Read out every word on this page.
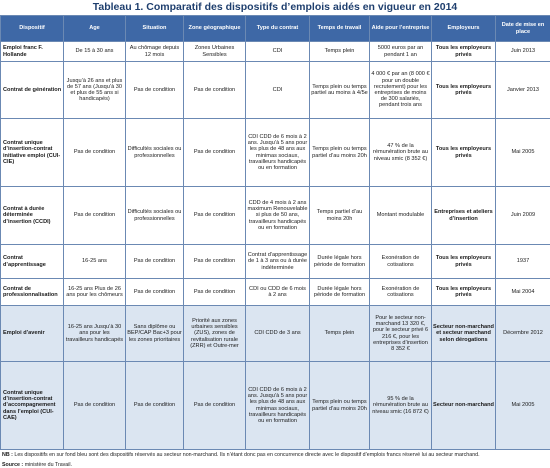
Tableau 1. Comparatif des dispositifs d’emplois aidés en vigueur en 2014
Dispositif	Age	Situation	Zone géographique	Type du contrat	Temps de travail	Aide pour l’entreprise	Employeurs	Date de mise en place
Emploi franc F. Hollande	De 15 à 30 ans	Au chômage depuis 12 mois	Zones Urbaines Sensibles	CDI	Temps plein	5000 euros par an pendant 1 an	Tous les employeurs privés	Juin 2013
Contrat de génération	Jusqu’à 26 ans et plus de 57 ans (Jusqu’à 30 et plus de 55 ans si handicapés)	Pas de condition	Pas de condition	CDI	Temps plein ou temps partiel au moins à 4/5e	4 000 € par an (8 000 € pour un double recrutement) pour les entreprises de moins de 300 salariés, pendant trois ans	Tous les employeurs privés	Janvier 2013
Contrat unique d’insertion-contrat initiative emploi (CUI-CIE)	Pas de condition	Difficultés sociales ou professionnelles	Pas de condition	CDI CDD de 6 mois à 2 ans. Jusqu’à 5 ans pour les plus de 48 ans aux minimas sociaux, travailleurs handicapés ou en formation	Temps plein ou temps partiel d’au moins 20h	47 % de la rémunération brute au niveau smic (8 352 €)	Tous les employeurs privés	Mai 2005
Contrat à durée déterminée d’insertion (CCDI)	Pas de condition	Difficultés sociales ou professionnelles	Pas de condition	CDD de 4 mois à 2 ans maximum Renouvelable si plus de 50 ans, travailleurs handicapés ou en formation	Temps partiel d’au moins 20h	Montant modulable	Entreprises et ateliers d’insertion	Juin 2009
Contrat d’apprentissage	16-25 ans	Pas de condition	Pas de condition	Contrat d’apprentissage de 1 à 3 ans ou à durée indéterminée	Durée légale hors période de formation	Exonération de cotisations	Tous les employeurs privés	1937
Contrat de professionnalisation	16-25 ans Plus de 26 ans pour les chômeurs	Pas de condition	Pas de condition	CDI ou CDD de 6 mois à 2 ans	Durée légale hors période de formation	Exonération de cotisations	Tous les employeurs privés	Mai 2004
Emploi d’avenir	16-25 ans Jusqu’à 30 ans pour les travailleurs handicapés	Sans diplôme ou BEP/CAP Bac+3 pour les zones prioritaires	Priorité aux zones urbaines sensibles (ZUS), zones de revitalisation rurale (ZRR) et Outre-mer	CDI CDD de 3 ans	Temps plein	Pour le secteur non-marchand 13 320 €, pour le secteur privé 6 216 €, pour les entreprises d’insertion 8 352 €	Secteur non-marchand et secteur marchand selon dérogations	Décembre 2012
Contrat unique d’insertion-contrat d’accompagnement dans l’emploi (CUI-CAE)	Pas de condition	Pas de condition	Pas de condition	CDI CDD de 6 mois à 2 ans. Jusqu’à 5 ans pour les plus de 48 ans aux minimas sociaux, travailleurs handicapés ou en formation	Temps plein ou temps partiel d’au moins 20h	95 % de la rémunération brute au niveau smic (16 872 €)	Secteur non-marchand	Mai 2005
NB : Les dispositifs en sur fond bleu sont des dispositifs réservés au secteur non-marchand. Ils n’étant donc pas en concurrence directe avec le dispositif d’emplois francs réservé lui au secteur marchand.
Source : ministère du Travail.
